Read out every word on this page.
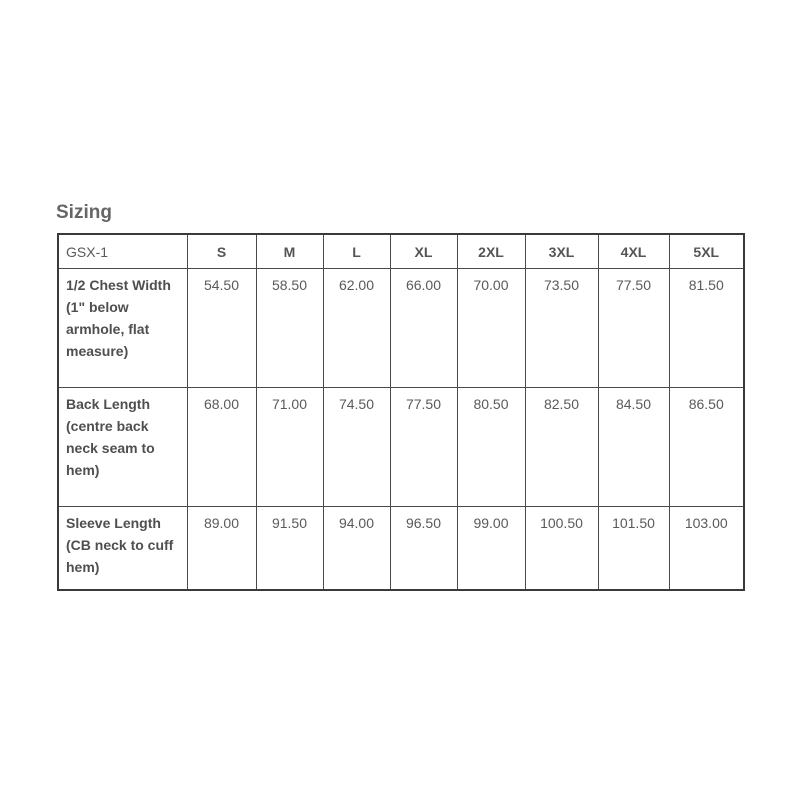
Sizing
GSX-1	S	M	L	XL	2XL	3XL	4XL	5XL
1/2 Chest Width (1" below armhole, flat measure)	54.50	58.50	62.00	66.00	70.00	73.50	77.50	81.50
Back Length (centre back neck seam to hem)	68.00	71.00	74.50	77.50	80.50	82.50	84.50	86.50
Sleeve Length (CB neck to cuff hem)	89.00	91.50	94.00	96.50	99.00	100.50	101.50	103.00
